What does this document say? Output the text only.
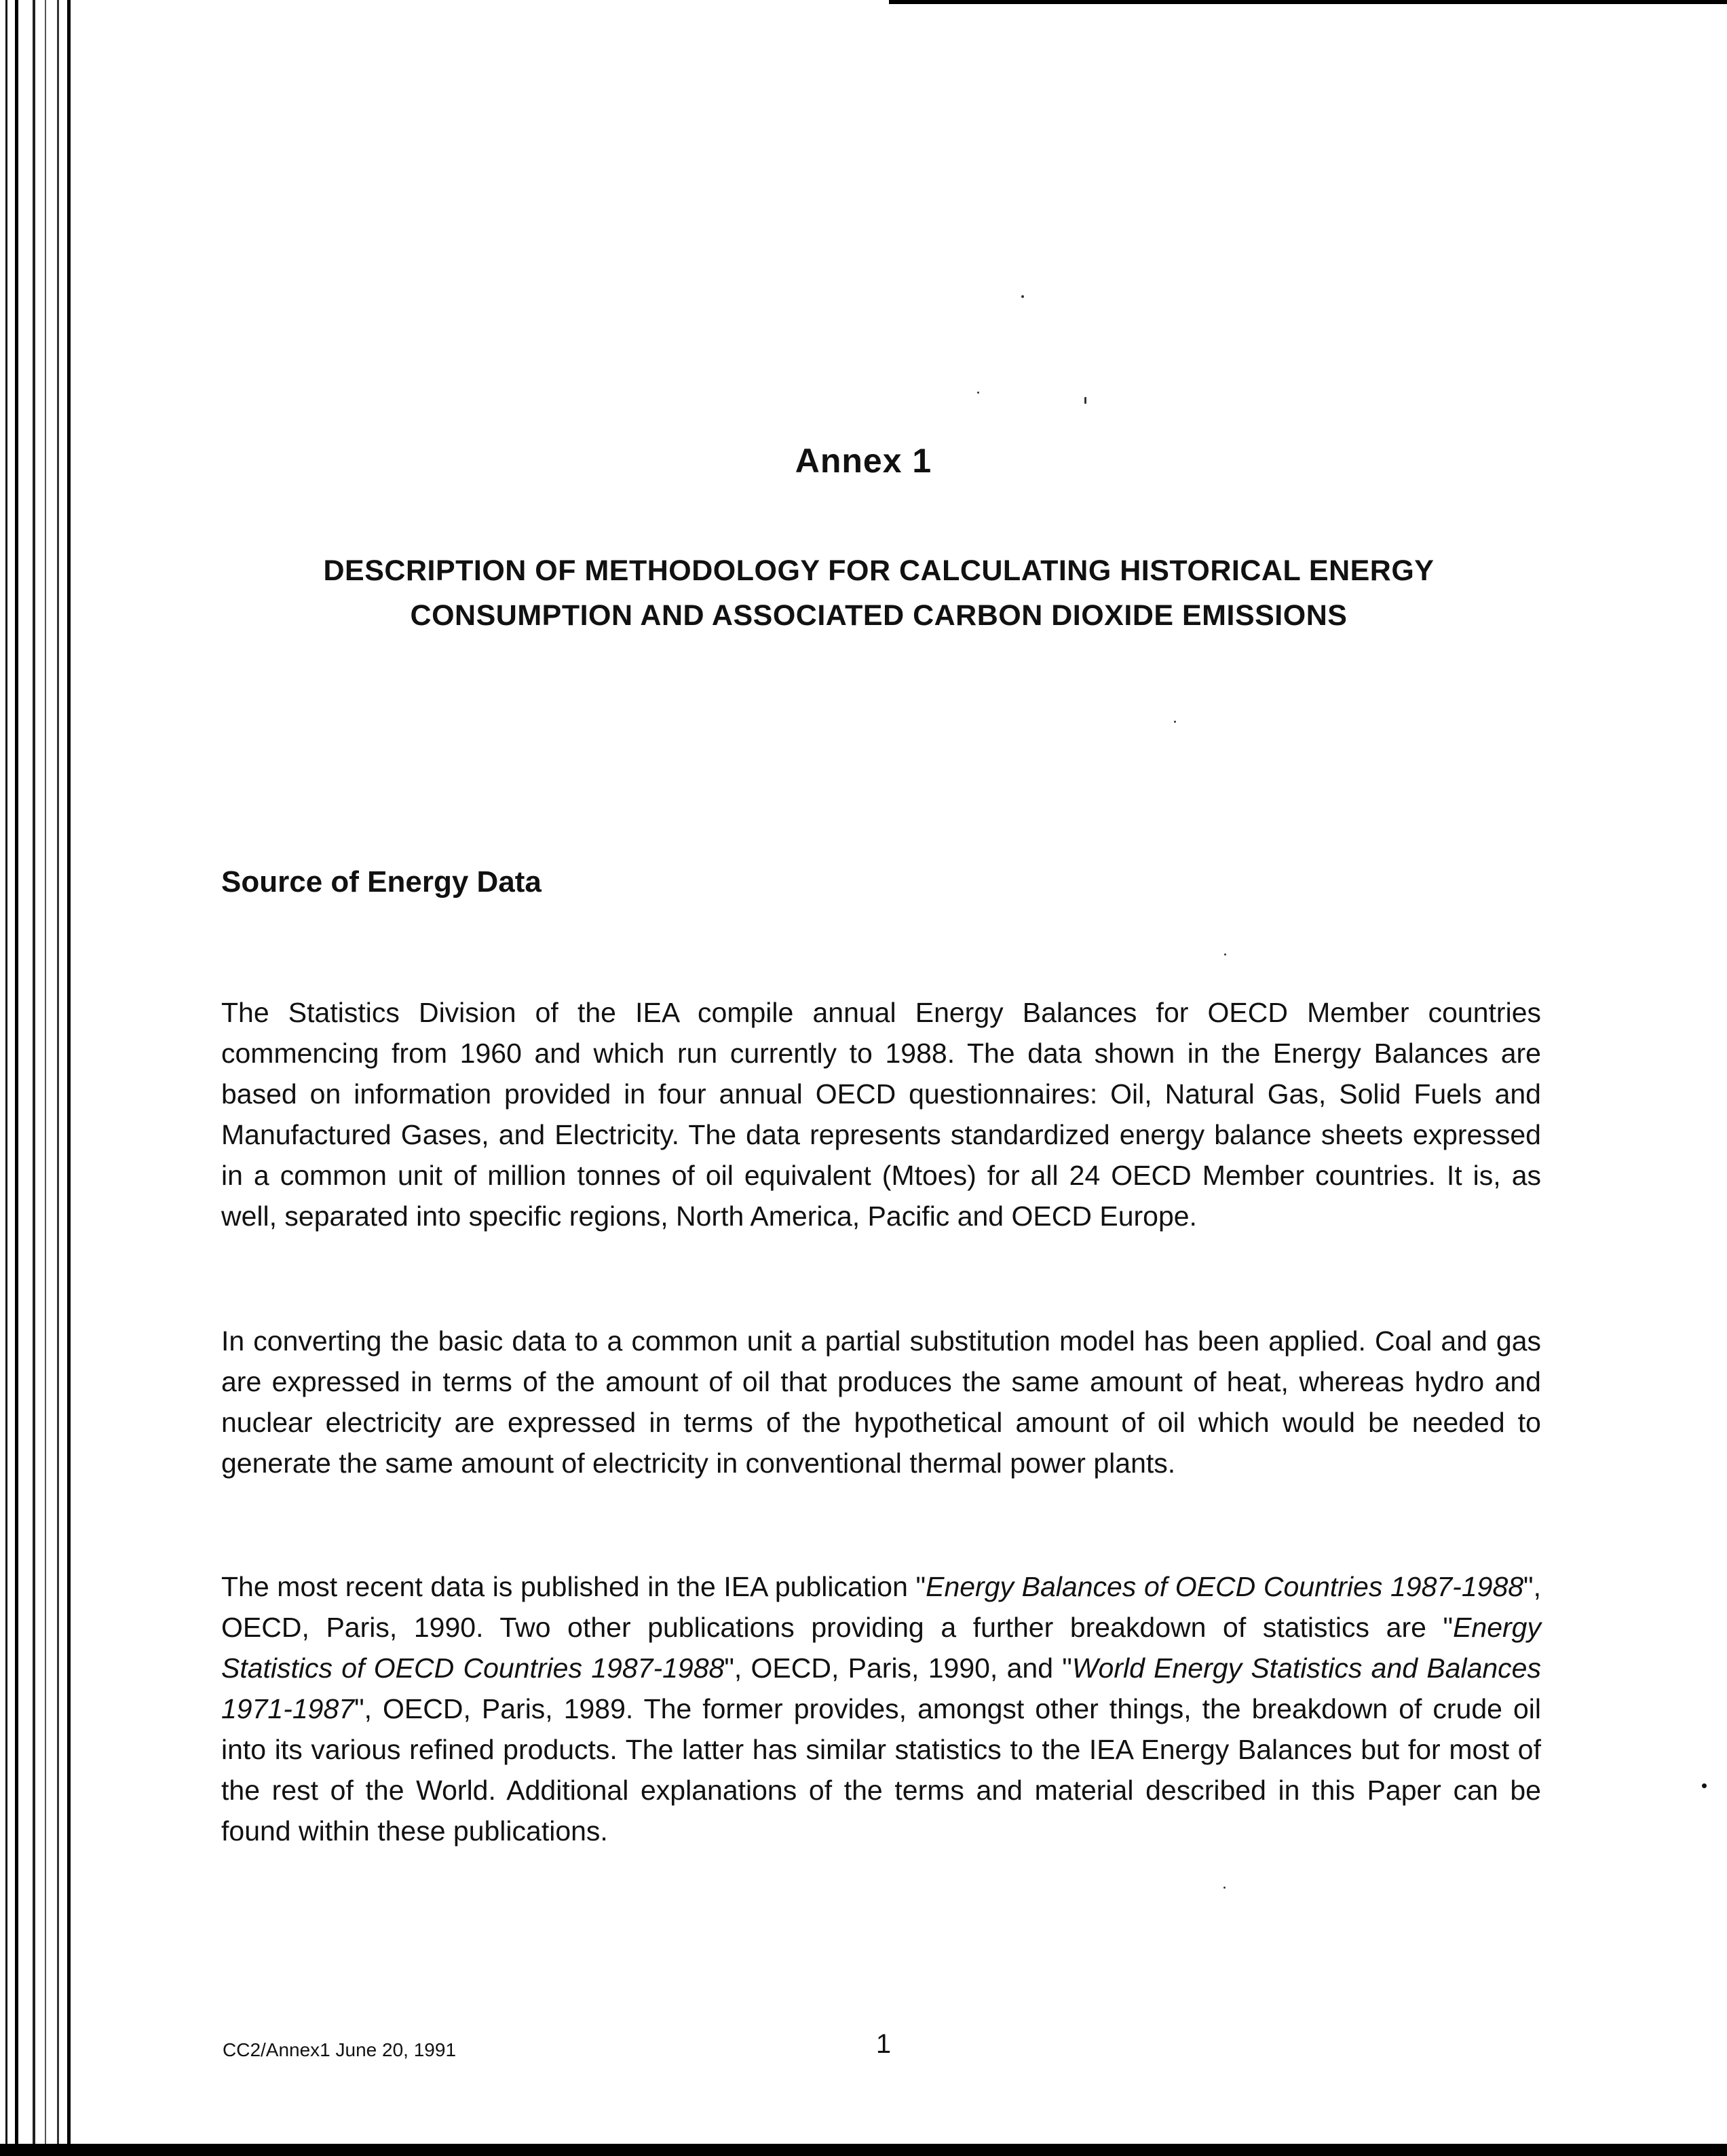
Annex 1
DESCRIPTION OF METHODOLOGY FOR CALCULATING HISTORICAL ENERGY
CONSUMPTION AND ASSOCIATED CARBON DIOXIDE EMISSIONS
Source of Energy Data
The Statistics Division of the IEA compile annual Energy Balances for OECD Member countries commencing from 1960 and which run currently to 1988. The data shown in the Energy Balances are based on information provided in four annual OECD questionnaires: Oil, Natural Gas, Solid Fuels and Manufactured Gases, and Electricity. The data represents standardized energy balance sheets expressed in a common unit of million tonnes of oil equivalent (Mtoes) for all 24 OECD Member countries. It is, as well, separated into specific regions, North America, Pacific and OECD Europe.
In converting the basic data to a common unit a partial substitution model has been applied. Coal and gas are expressed in terms of the amount of oil that produces the same amount of heat, whereas hydro and nuclear electricity are expressed in terms of the hypothetical amount of oil which would be needed to generate the same amount of electricity in conventional thermal power plants.
The most recent data is published in the IEA publication "Energy Balances of OECD Countries 1987-1988", OECD, Paris, 1990. Two other publications providing a further breakdown of statistics are "Energy Statistics of OECD Countries 1987-1988", OECD, Paris, 1990, and "World Energy Statistics and Balances 1971-1987", OECD, Paris, 1989. The former provides, amongst other things, the breakdown of crude oil into its various refined products. The latter has similar statistics to the IEA Energy Balances but for most of the rest of the World. Additional explanations of the terms and material described in this Paper can be found within these publications.
CC2/Annex1 June 20, 1991	1
